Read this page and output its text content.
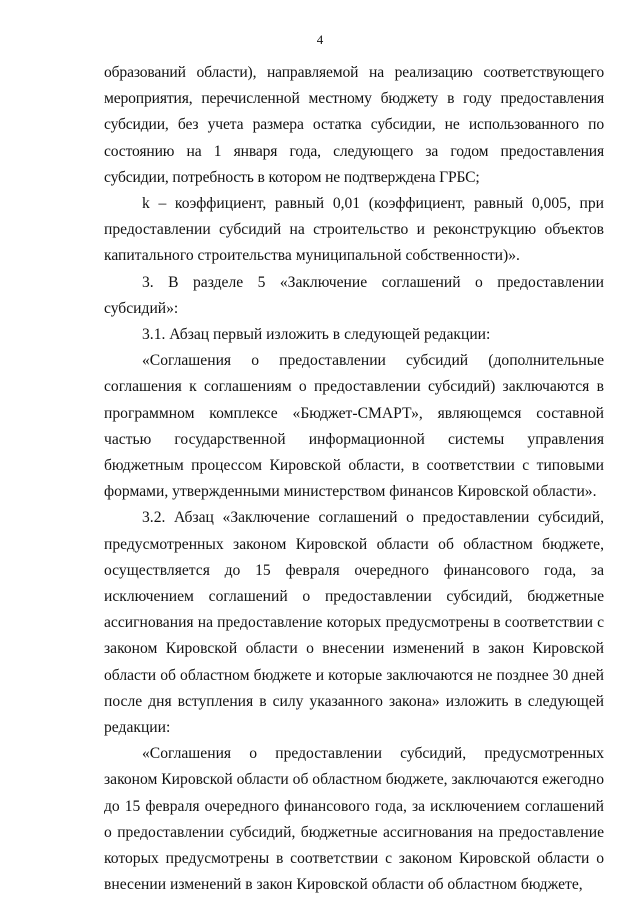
4

образований области), направляемой на реализацию соответствующего мероприятия, перечисленной местному бюджету в году предоставления субсидии, без учета размера остатка субсидии, не использованного по состоянию на 1 января года, следующего за годом предоставления субсидии, потребность в котором не подтверждена ГРБС;

k – коэффициент, равный 0,01 (коэффициент, равный 0,005, при предоставлении субсидий на строительство и реконструкцию объектов капитального строительства муниципальной собственности)».

3. В разделе 5 «Заключение соглашений о предоставлении субсидий»:

3.1. Абзац первый изложить в следующей редакции:

«Соглашения о предоставлении субсидий (дополнительные соглашения к соглашениям о предоставлении субсидий) заключаются в программном комплексе «Бюджет-СМАРТ», являющемся составной частью государственной информационной системы управления бюджетным процессом Кировской области, в соответствии с типовыми формами, утвержденными министерством финансов Кировской области».

3.2. Абзац «Заключение соглашений о предоставлении субсидий, предусмотренных законом Кировской области об областном бюджете, осуществляется до 15 февраля очередного финансового года, за исключением соглашений о предоставлении субсидий, бюджетные ассигнования на предоставление которых предусмотрены в соответствии с законом Кировской области о внесении изменений в закон Кировской области об областном бюджете и которые заключаются не позднее 30 дней после дня вступления в силу указанного закона» изложить в следующей редакции:

«Соглашения о предоставлении субсидий, предусмотренных законом Кировской области об областном бюджете, заключаются ежегодно до 15 февраля очередного финансового года, за исключением соглашений о предоставлении субсидий, бюджетные ассигнования на предоставление которых предусмотрены в соответствии с законом Кировской области о внесении изменений в закон Кировской области об областном бюджете,
